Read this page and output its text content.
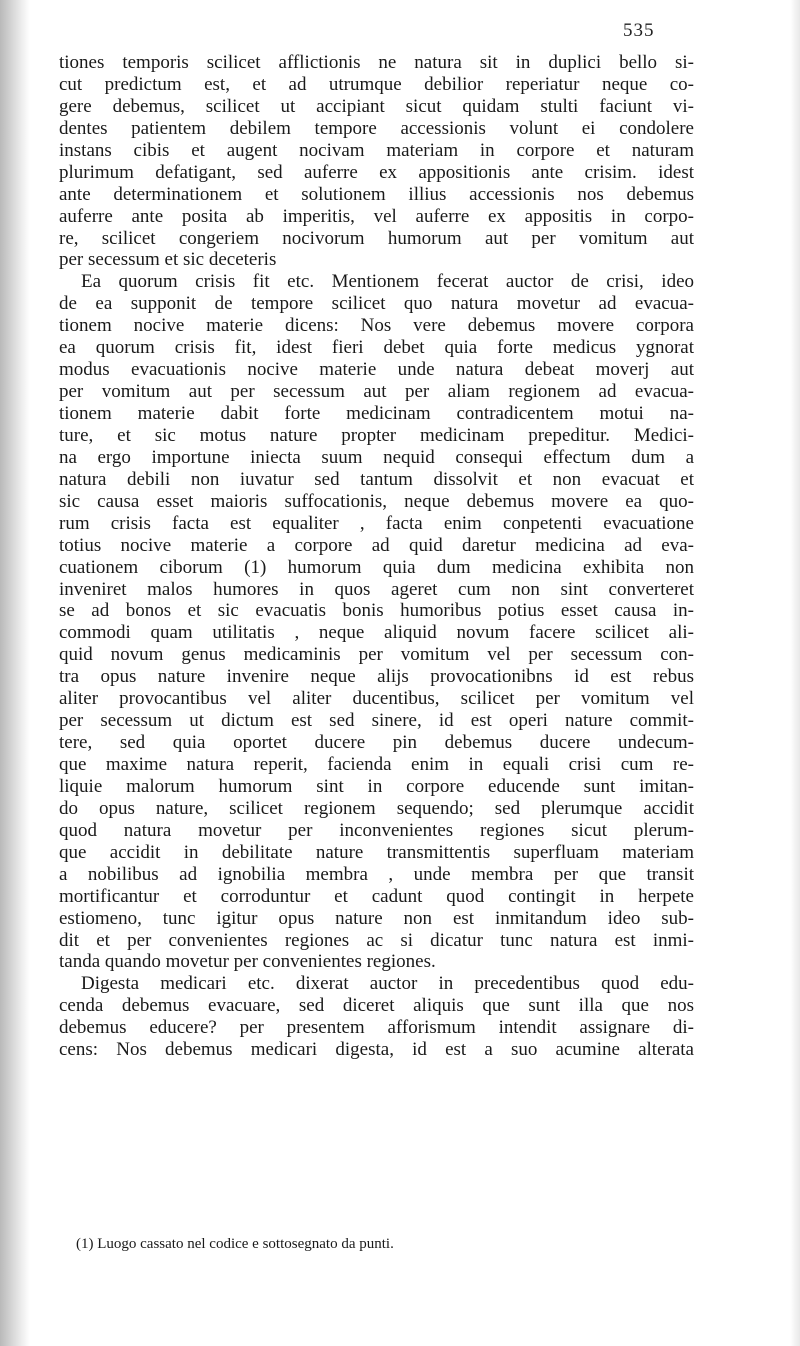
535
tiones temporis scilicet afflictionis ne natura sit in duplici bello si-
cut predictum est, et ad utrumque debilior reperiatur neque co-
gere debemus, scilicet ut accipiant sicut quidam stulti faciunt vi-
dentes patientem debilem tempore accessionis volunt ei condolere
instans cibis et augent nocivam materiam in corpore et naturam
plurimum defatigant, sed auferre ex appositionis ante crisim. idest
ante determinationem et solutionem illius accessionis nos debemus
auferre ante posita ab imperitis, vel auferre ex appositis in corpo-
re, scilicet congeriem nocivorum humorum aut per vomitum aut
per secessum et sic deceteris
Ea quorum crisis fit etc. Mentionem fecerat auctor de crisi, ideo
de ea supponit de tempore scilicet quo natura movetur ad evacua-
tionem nocive materie dicens: Nos vere debemus movere corpora
ea quorum crisis fit, idest fieri debet quia forte medicus ygnorat
modus evacuationis nocive materie unde natura debeat moverj aut
per vomitum aut per secessum aut per aliam regionem ad evacua-
tionem materie dabit forte medicinam contradicentem motui na-
ture, et sic motus nature propter medicinam prepeditur. Medici-
na ergo importune iniecta suum nequid consequi effectum dum a
natura debili non iuvatur sed tantum dissolvit et non evacuat et
sic causa esset maioris suffocationis, neque debemus movere ea quo-
rum crisis facta est equaliter , facta enim conpetenti evacuatione
totius nocive materie a corpore ad quid daretur medicina ad eva-
cuationem ciborum (1) humorum quia dum medicina exhibita non
inveniret malos humores in quos ageret cum non sint converteret
se ad bonos et sic evacuatis bonis humoribus potius esset causa in-
commodi quam utilitatis , neque aliquid novum facere scilicet ali-
quid novum genus medicaminis per vomitum vel per secessum con-
tra opus nature invenire neque alijs provocationibns id est rebus
aliter provocantibus vel aliter ducentibus, scilicet per vomitum vel
per secessum ut dictum est sed sinere, id est operi nature commit-
tere, sed quia oportet ducere pin debemus ducere undecum-
que maxime natura reperit, facienda enim in equali crisi cum re-
liquie malorum humorum sint in corpore educende sunt imitan-
do opus nature, scilicet regionem sequendo; sed plerumque accidit
quod natura movetur per inconvenientes regiones sicut plerum-
que accidit in debilitate nature transmittentis superfluam materiam
a nobilibus ad ignobilia membra , unde membra per que transit
mortificantur et corroduntur et cadunt quod contingit in herpete
estiomeno, tunc igitur opus nature non est inmitandum ideo sub-
dit et per convenientes regiones ac si dicatur tunc natura est inmi-
tanda quando movetur per convenientes regiones.
Digesta medicari etc. dixerat auctor in precedentibus quod edu-
cenda debemus evacuare, sed diceret aliquis que sunt illa que nos
debemus educere? per presentem afforismum intendit assignare di-
cens: Nos debemus medicari digesta, id est a suo acumine alterata
(1) Luogo cassato nel codice e sottosegnato da punti.
